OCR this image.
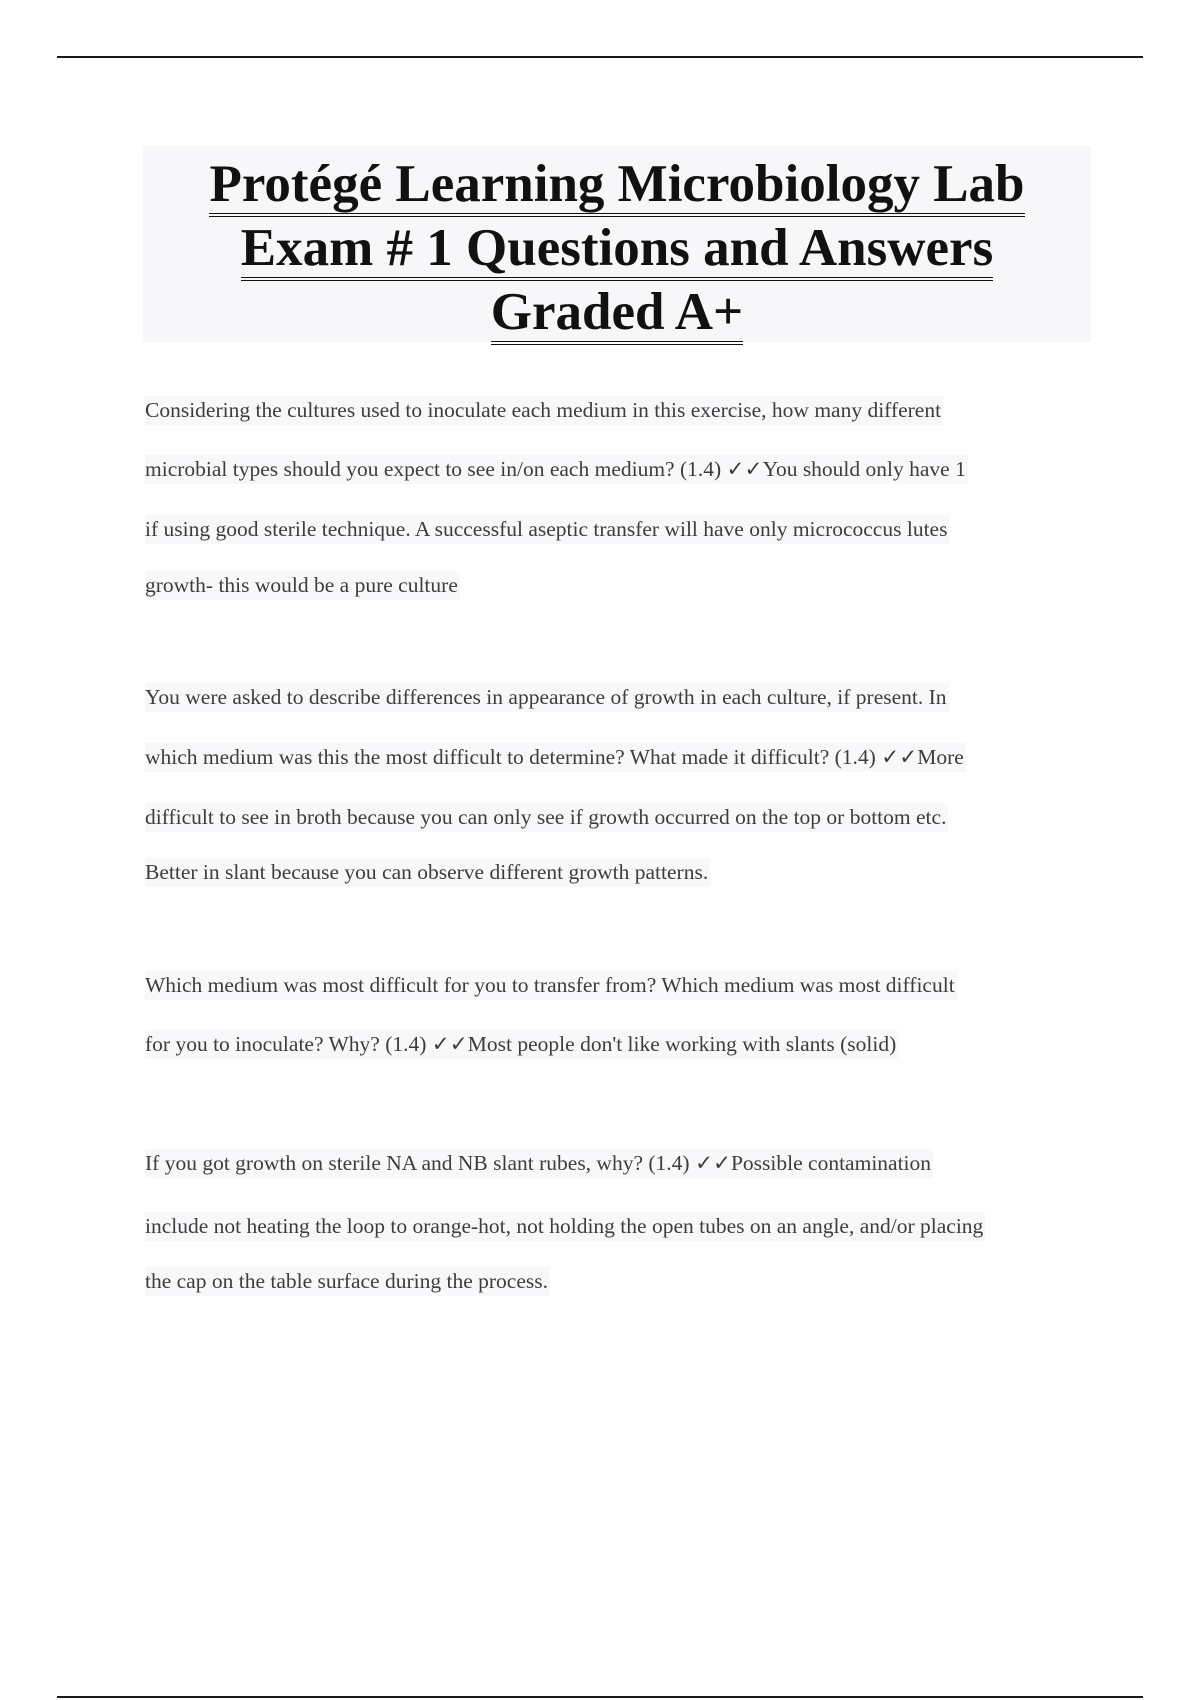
Protégé Learning Microbiology Lab
Exam # 1 Questions and Answers
Graded A+
Considering the cultures used to inoculate each medium in this exercise, how many different
microbial types should you expect to see in/on each medium? (1.4) ✓✓You should only have 1
if using good sterile technique. A successful aseptic transfer will have only micrococcus lutes
growth- this would be a pure culture
You were asked to describe differences in appearance of growth in each culture, if present. In
which medium was this the most difficult to determine? What made it difficult? (1.4) ✓✓More
difficult to see in broth because you can only see if growth occurred on the top or bottom etc.
Better in slant because you can observe different growth patterns.
Which medium was most difficult for you to transfer from? Which medium was most difficult
for you to inoculate? Why? (1.4) ✓✓Most people don't like working with slants (solid)
If you got growth on sterile NA and NB slant rubes, why? (1.4) ✓✓Possible contamination
include not heating the loop to orange-hot, not holding the open tubes on an angle, and/or placing
the cap on the table surface during the process.
